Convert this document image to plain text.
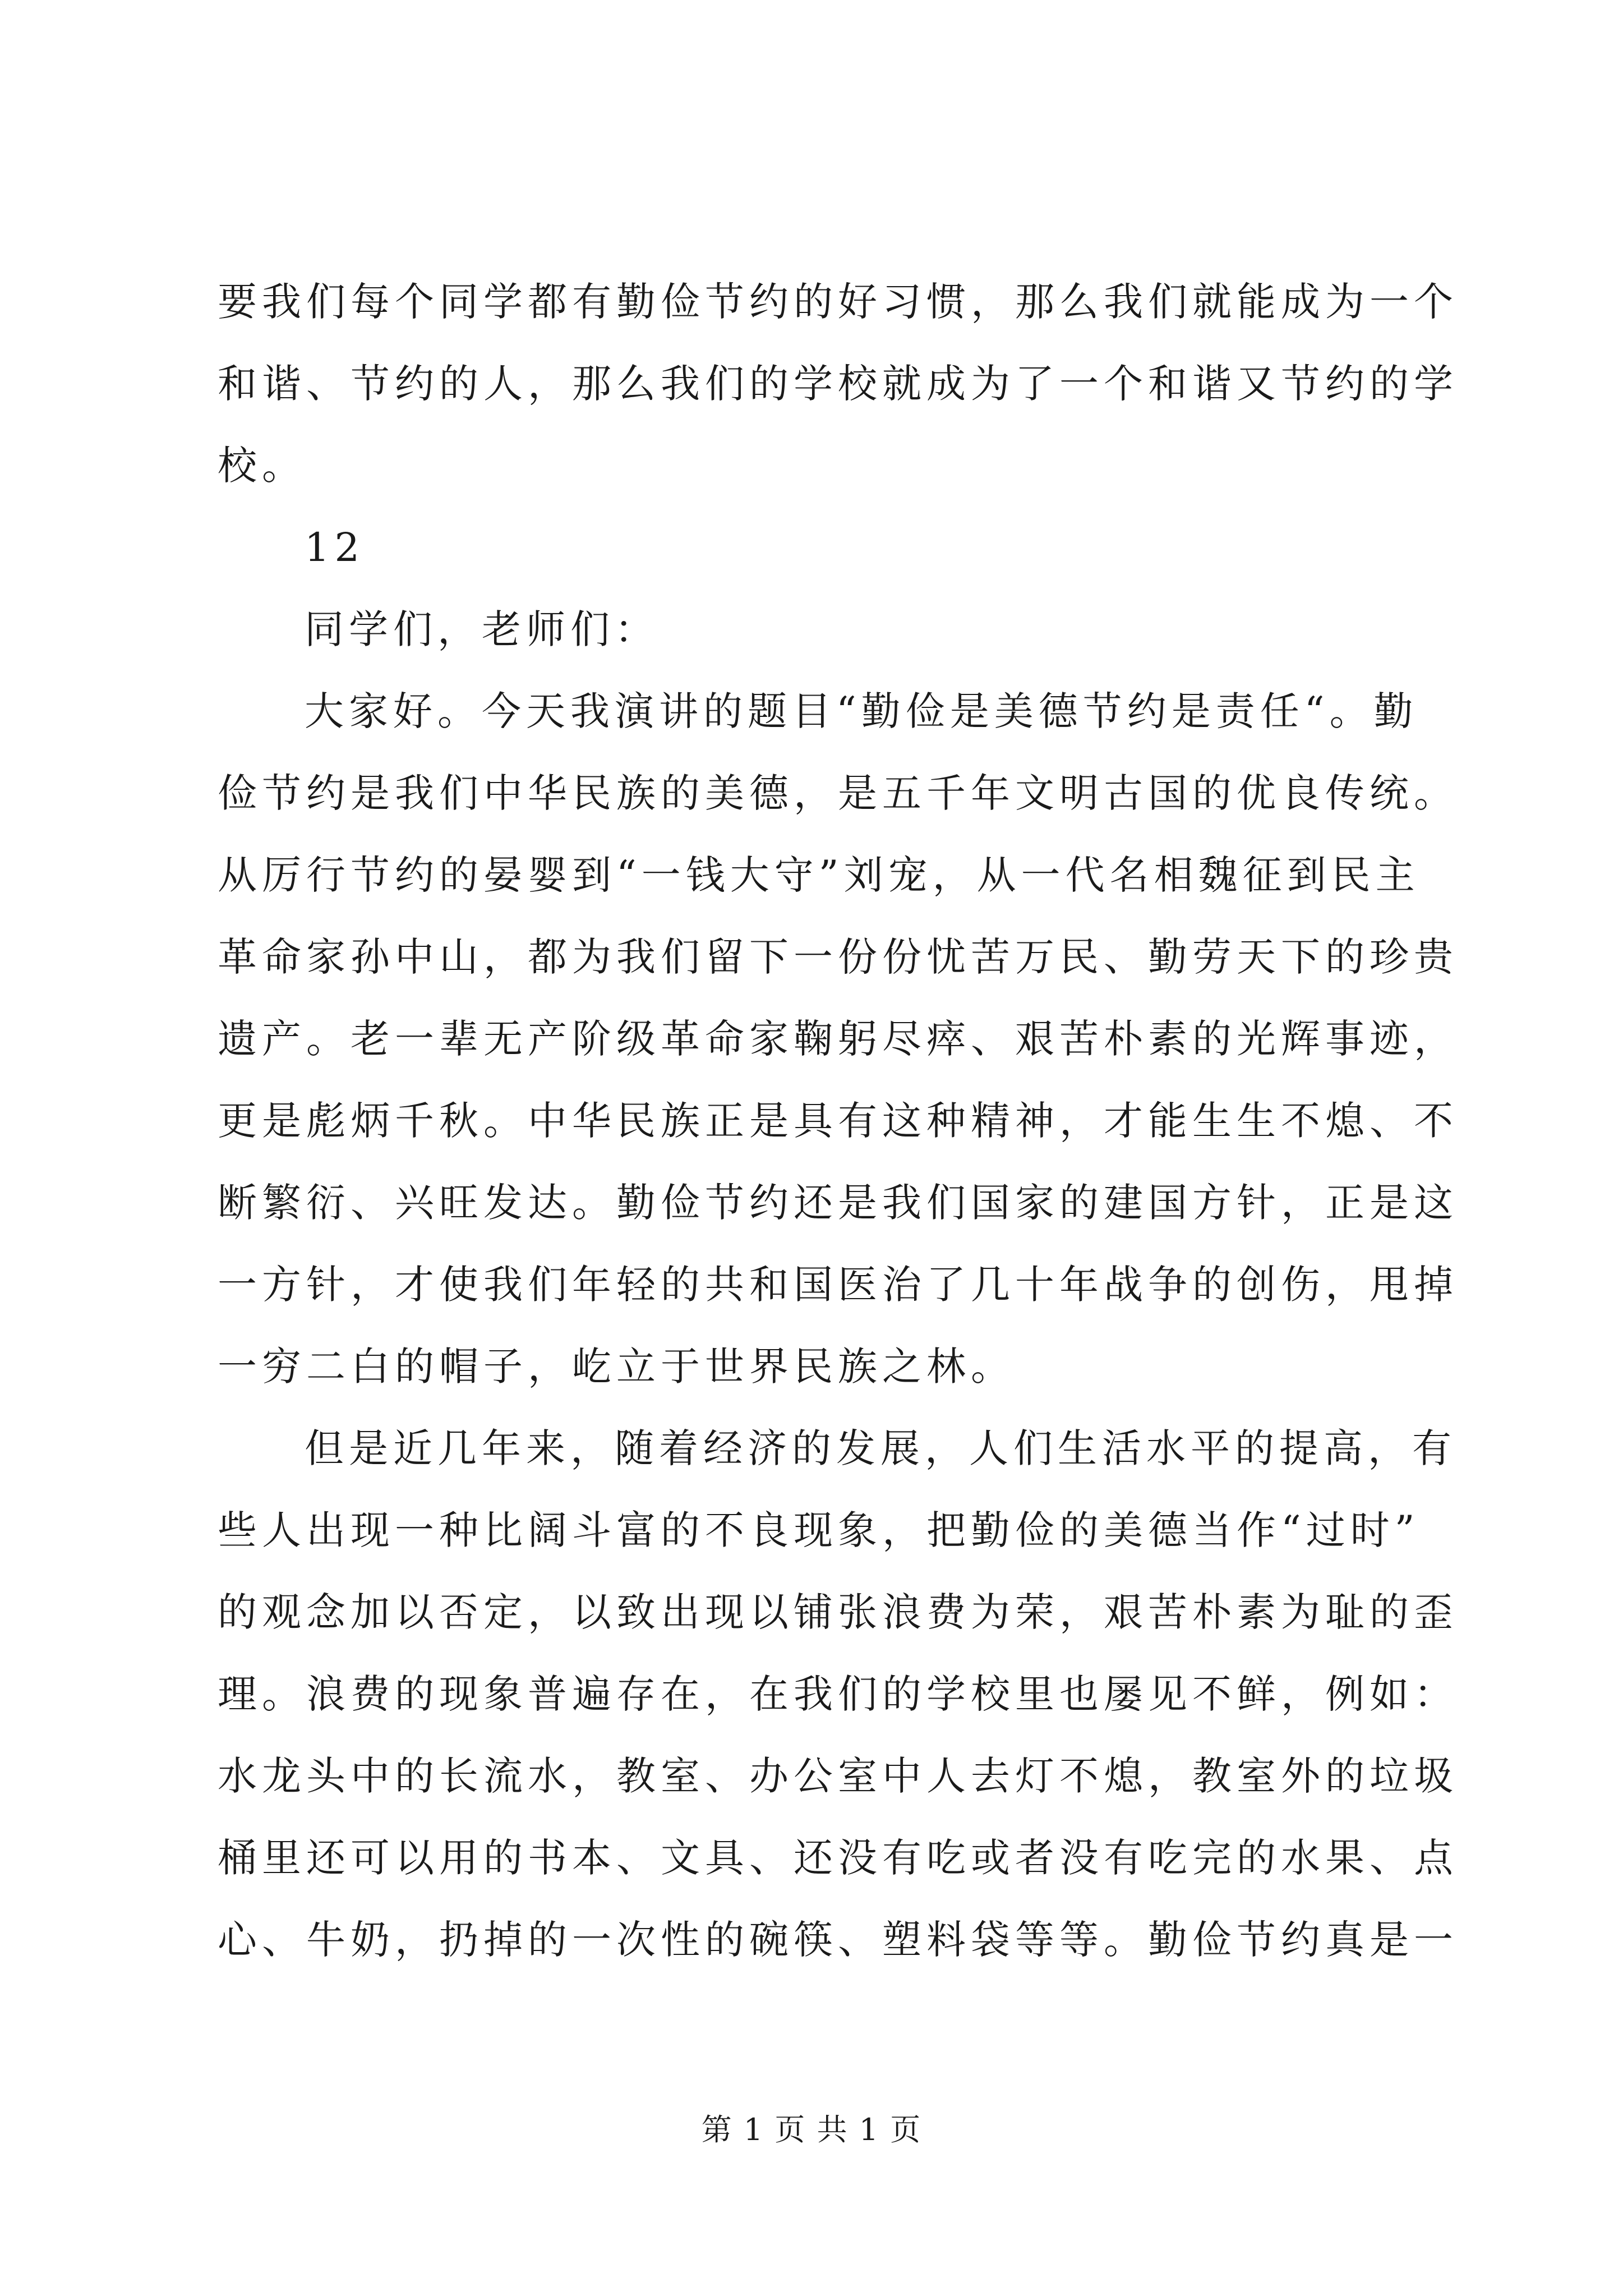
要我们每个同学都有勤俭节约的好习惯，那么我们就能成为一个
和谐、节约的人，那么我们的学校就成为了一个和谐又节约的学
校。
12
同学们，老师们：
大家好。今天我演讲的题目“勤俭是美德节约是责任“。勤
俭节约是我们中华民族的美德，是五千年文明古国的优良传统。
从厉行节约的晏婴到“一钱大守”刘宠，从一代名相魏征到民主
革命家孙中山，都为我们留下一份份忧苦万民、勤劳天下的珍贵
遗产。老一辈无产阶级革命家鞠躬尽瘁、艰苦朴素的光辉事迹，
更是彪炳千秋。中华民族正是具有这种精神，才能生生不熄、不
断繁衍、兴旺发达。勤俭节约还是我们国家的建国方针，正是这
一方针，才使我们年轻的共和国医治了几十年战争的创伤，甩掉
一穷二白的帽子，屹立于世界民族之林。
但是近几年来，随着经济的发展，人们生活水平的提高，有
些人出现一种比阔斗富的不良现象，把勤俭的美德当作“过时”
的观念加以否定，以致出现以铺张浪费为荣，艰苦朴素为耻的歪
理。浪费的现象普遍存在，在我们的学校里也屡见不鲜，例如：
水龙头中的长流水，教室、办公室中人去灯不熄，教室外的垃圾
桶里还可以用的书本、文具、还没有吃或者没有吃完的水果、点
心、牛奶，扔掉的一次性的碗筷、塑料袋等等。勤俭节约真是一
第 1 页 共 1 页
